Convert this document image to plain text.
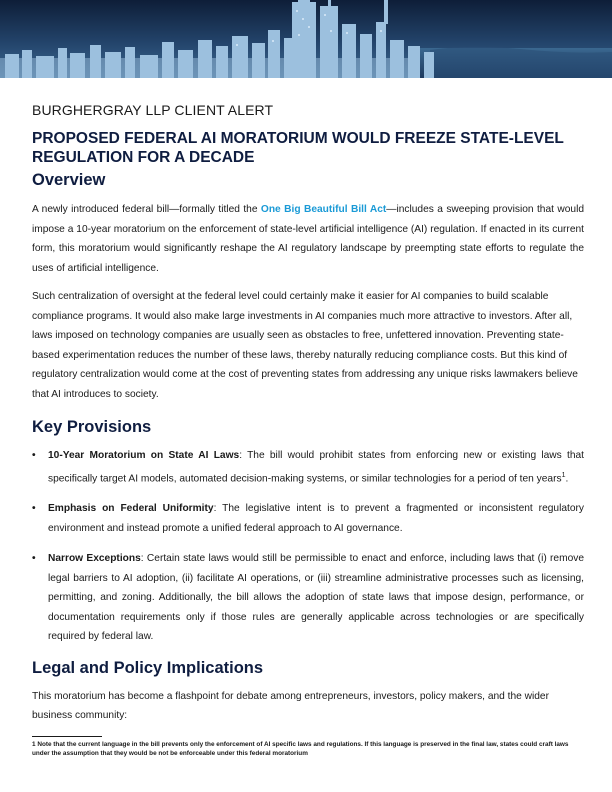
BURGHERGRAY LLP CLIENT ALERT

PROPOSED FEDERAL AI MORATORIUM WOULD FREEZE STATE-LEVEL REGULATION FOR A DECADE
Overview

A newly introduced federal bill—formally titled the One Big Beautiful Bill Act—includes a sweeping provision that would impose a 10-year moratorium on the enforcement of state-level artificial intelligence (AI) regulation. If enacted in its current form, this moratorium would significantly reshape the AI regulatory landscape by preempting state efforts to regulate the uses of artificial intelligence.

Such centralization of oversight at the federal level could certainly make it easier for AI companies to build scalable compliance programs. It would also make large investments in AI companies much more attractive to investors. After all, laws imposed on technology companies are usually seen as obstacles to free, unfettered innovation. Preventing state-based experimentation reduces the number of these laws, thereby naturally reducing compliance costs. But this kind of regulatory centralization would come at the cost of preventing states from addressing any unique risks lawmakers believe that AI introduces to society.

Key Provisions
• 10-Year Moratorium on State AI Laws: The bill would prohibit states from enforcing new or existing laws that specifically target AI models, automated decision-making systems, or similar technologies for a period of ten years$^1$.
• Emphasis on Federal Uniformity: The legislative intent is to prevent a fragmented or inconsistent regulatory environment and instead promote a unified federal approach to AI governance.
• Narrow Exceptions: Certain state laws would still be permissible to enact and enforce, including laws that (i) remove legal barriers to AI adoption, (ii) facilitate AI operations, or (iii) streamline administrative processes such as licensing, permitting, and zoning. Additionally, the bill allows the adoption of state laws that impose design, performance, or documentation requirements only if those rules are generally applicable across technologies or are specifically required by federal law.
Legal and Policy Implications

This moratorium has become a flashpoint for debate among entrepreneurs, investors, policy makers, and the wider business community:

1 Note that the current language in the bill prevents only the enforcement of AI specific laws and regulations. If this language is preserved in the final law, states could craft laws under the assumption that they would be not be enforceable under this federal moratorium
